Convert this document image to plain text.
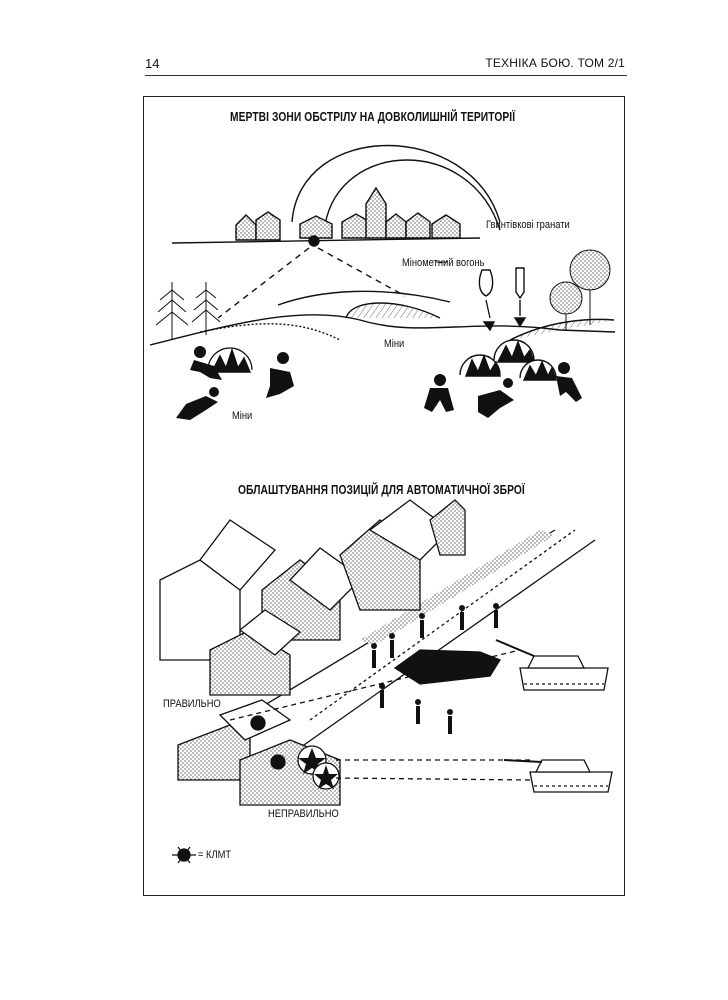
14	ТЕХНІКА БОЮ. ТОМ 2/1
МЕРТВІ ЗОНИ ОБСТРІЛУ НА ДОВКОЛИШНІЙ ТЕРИТОРІЇ
Гвинтівкові гранати
Мінометний вогонь
Міни
Міни
ОБЛАШТУВАННЯ ПОЗИЦІЙ ДЛЯ АВТОМАТИЧНОЇ ЗБРОЇ
ПРАВИЛЬНО
НЕПРАВИЛЬНО
= КЛМТ
